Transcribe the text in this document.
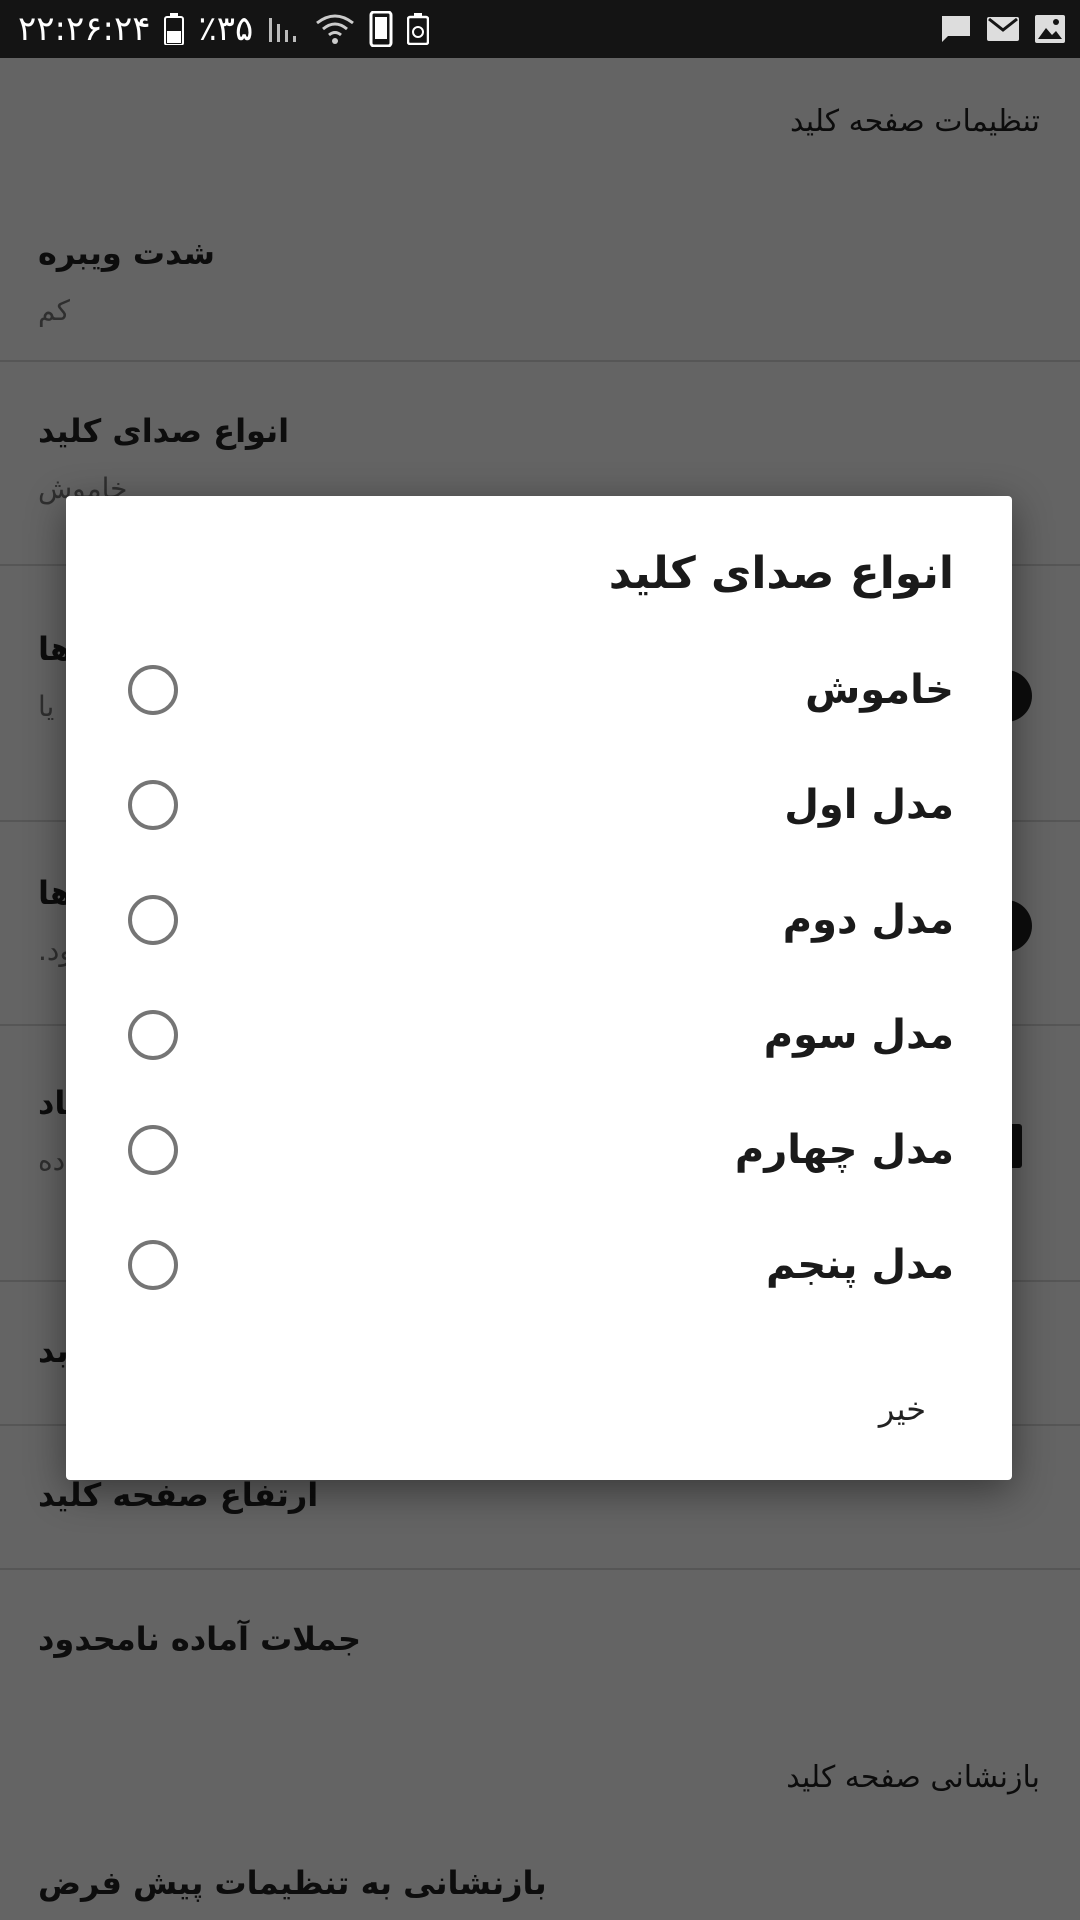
۲۲:۲۶:۲۴ ٪۳۵
انواع صدای کلید
خاموش
مدل اول
مدل دوم
مدل سوم
مدل چهارم
مدل پنجم
خیر
